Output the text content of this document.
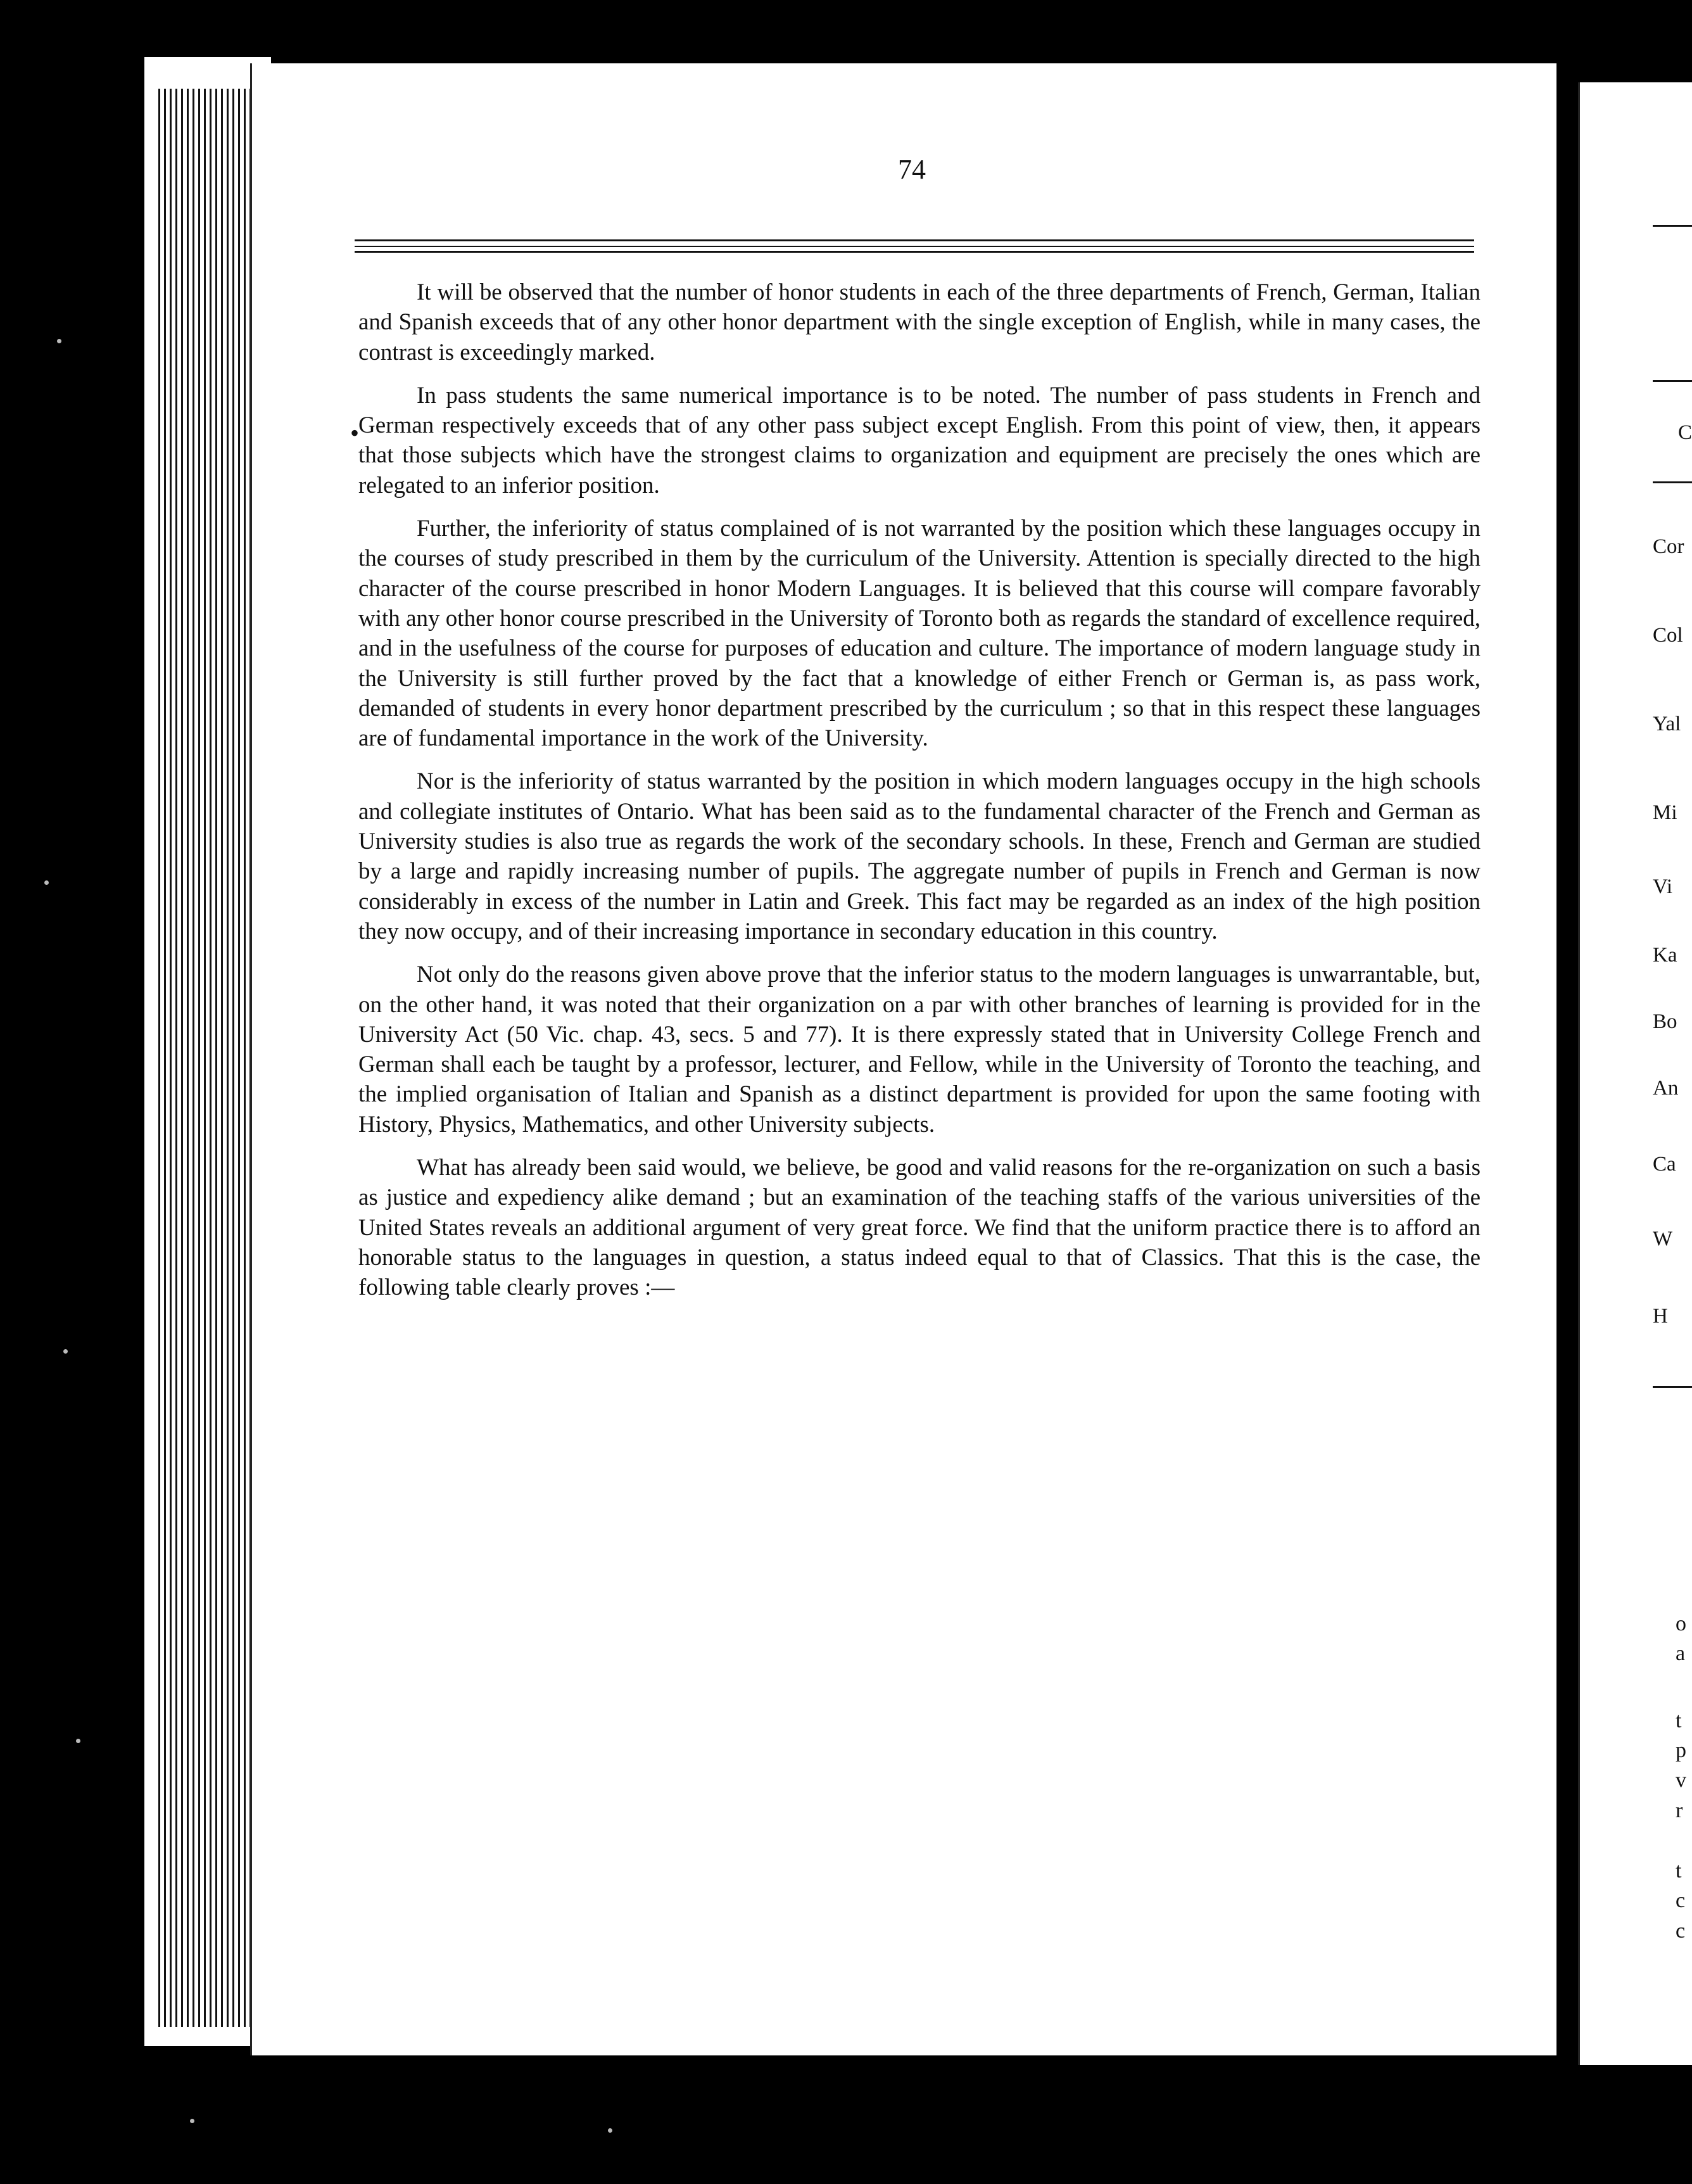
74
•

It will be observed that the number of honor students in each of the three departments of French, German, Italian and Spanish exceeds that of any other honor department with the single exception of English, while in many cases, the contrast is exceedingly marked.

In pass students the same numerical importance is to be noted. The number of pass students in French and German respectively exceeds that of any other pass subject except English. From this point of view, then, it appears that those subjects which have the strongest claims to organization and equipment are precisely the ones which are relegated to an inferior position.

Further, the inferiority of status complained of is not warranted by the position which these languages occupy in the courses of study prescribed in them by the curriculum of the University. Attention is specially directed to the high character of the course prescribed in honor Modern Languages. It is believed that this course will compare favorably with any other honor course prescribed in the University of Toronto both as regards the standard of excellence required, and in the usefulness of the course for purposes of education and culture. The importance of modern language study in the University is still further proved by the fact that a knowledge of either French or German is, as pass work, demanded of students in every honor department prescribed by the curriculum ; so that in this respect these languages are of fundamental importance in the work of the University.

Nor is the inferiority of status warranted by the position in which modern languages occupy in the high schools and collegiate institutes of Ontario. What has been said as to the fundamental character of the French and German as University studies is also true as regards the work of the secondary schools. In these, French and German are studied by a large and rapidly increasing number of pupils. The aggregate number of pupils in French and German is now considerably in excess of the number in Latin and Greek. This fact may be regarded as an index of the high position they now occupy, and of their increasing importance in secondary education in this country.

Not only do the reasons given above prove that the inferior status to the modern languages is unwarrantable, but, on the other hand, it was noted that their organization on a par with other branches of learning is provided for in the University Act (50 Vic. chap. 43, secs. 5 and 77). It is there expressly stated that in University College French and German shall each be taught by a professor, lecturer, and Fellow, while in the University of Toronto the teaching, and the implied organisation of Italian and Spanish as a distinct department is provided for upon the same footing with History, Physics, Mathematics, and other University subjects.

What has already been said would, we believe, be good and valid reasons for the re-organization on such a basis as justice and expediency alike demand ; but an examination of the teaching staffs of the various universities of the United States reveals an additional argument of very great force. We find that the uniform practice there is to afford an honorable status to the languages in question, a status indeed equal to that of Classics. That this is the case, the following table clearly proves :—

C
Cor
Col
Yal
Mi
Vi
Ka
Bo
An
Ca
W
H
o
a
t
p
v
r
t
c
c
